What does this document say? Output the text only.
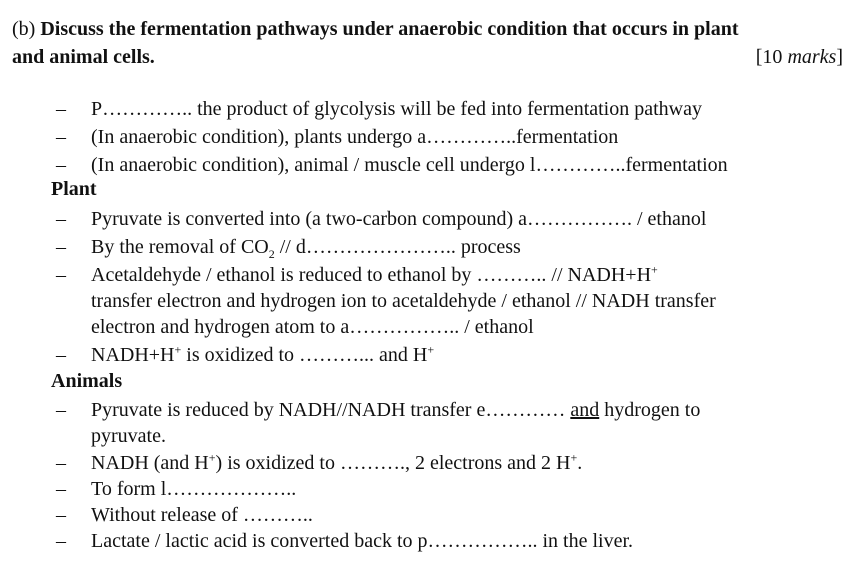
(b) Discuss the fermentation pathways under anaerobic condition that occurs in plant
and animal cells.	[10 marks]
– P………….. the product of glycolysis will be fed into fermentation pathway
– (In anaerobic condition), plants undergo a…………..fermentation
– (In anaerobic condition), animal / muscle cell undergo l…………..fermentation
Plant
– Pyruvate is converted into (a two-carbon compound) a……………. / ethanol
– By the removal of $CO_2$ // d………………….. process
– Acetaldehyde / ethanol is reduced to ethanol by ……….. // NADH+H+
transfer electron and hydrogen ion to acetaldehyde / ethanol // NADH transfer
electron and hydrogen atom to a…………….. / ethanol
– NADH+H+ is oxidized to ………... and H+
Animals
– Pyruvate is reduced by NADH//NADH transfer e………… and hydrogen to
pyruvate.
– NADH (and H+) is oxidized to ………., 2 electrons and 2 H+.
– To form l………………..
– Without release of ………..
– Lactate / lactic acid is converted back to p…………….. in the liver.
